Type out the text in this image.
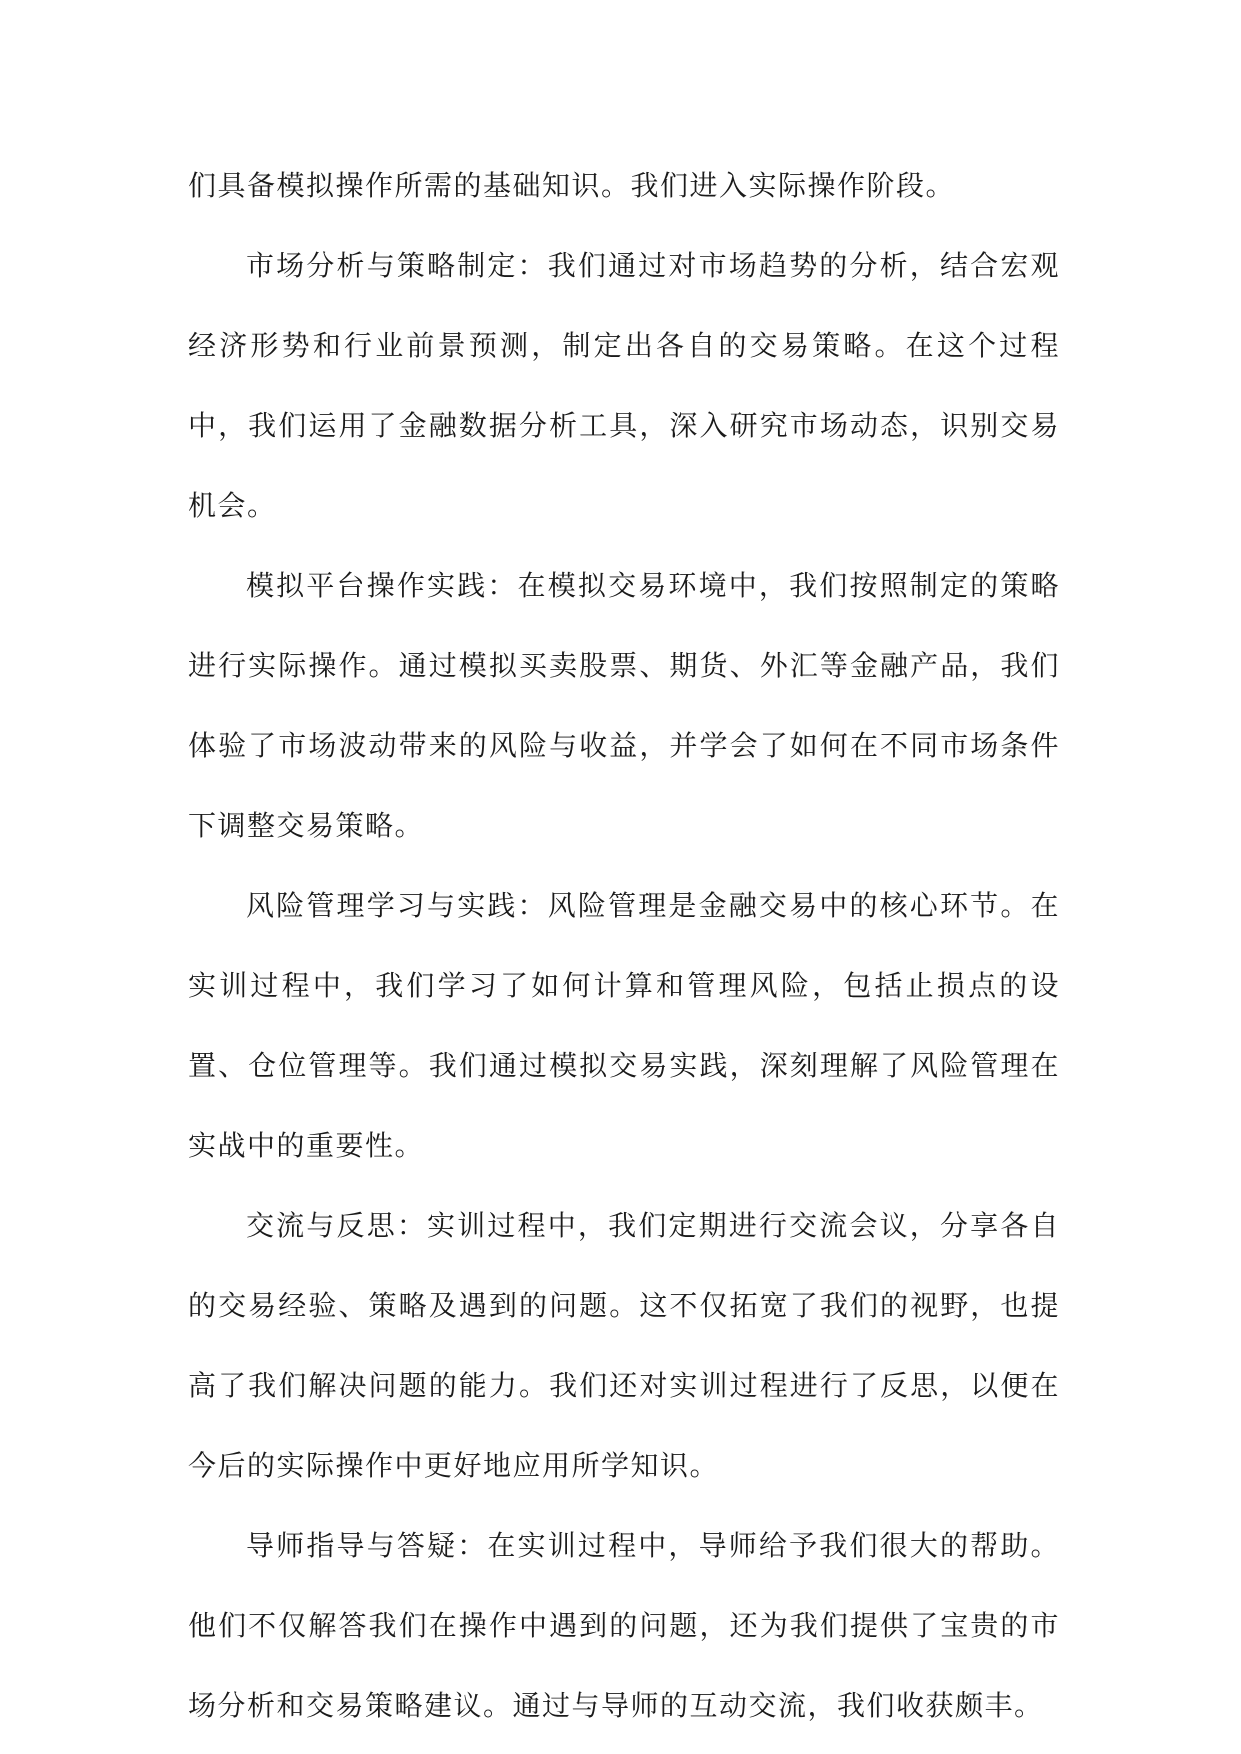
们具备模拟操作所需的基础知识。我们进入实际操作阶段。

市场分析与策略制定：我们通过对市场趋势的分析，结合宏观经济形势和行业前景预测，制定出各自的交易策略。在这个过程中，我们运用了金融数据分析工具，深入研究市场动态，识别交易机会。

模拟平台操作实践：在模拟交易环境中，我们按照制定的策略进行实际操作。通过模拟买卖股票、期货、外汇等金融产品，我们体验了市场波动带来的风险与收益，并学会了如何在不同市场条件下调整交易策略。

风险管理学习与实践：风险管理是金融交易中的核心环节。在实训过程中，我们学习了如何计算和管理风险，包括止损点的设置、仓位管理等。我们通过模拟交易实践，深刻理解了风险管理在实战中的重要性。

交流与反思：实训过程中，我们定期进行交流会议，分享各自的交易经验、策略及遇到的问题。这不仅拓宽了我们的视野，也提高了我们解决问题的能力。我们还对实训过程进行了反思，以便在今后的实际操作中更好地应用所学知识。

导师指导与答疑：在实训过程中，导师给予我们很大的帮助。他们不仅解答我们在操作中遇到的问题，还为我们提供了宝贵的市场分析和交易策略建议。通过与导师的互动交流，我们收获颇丰。
